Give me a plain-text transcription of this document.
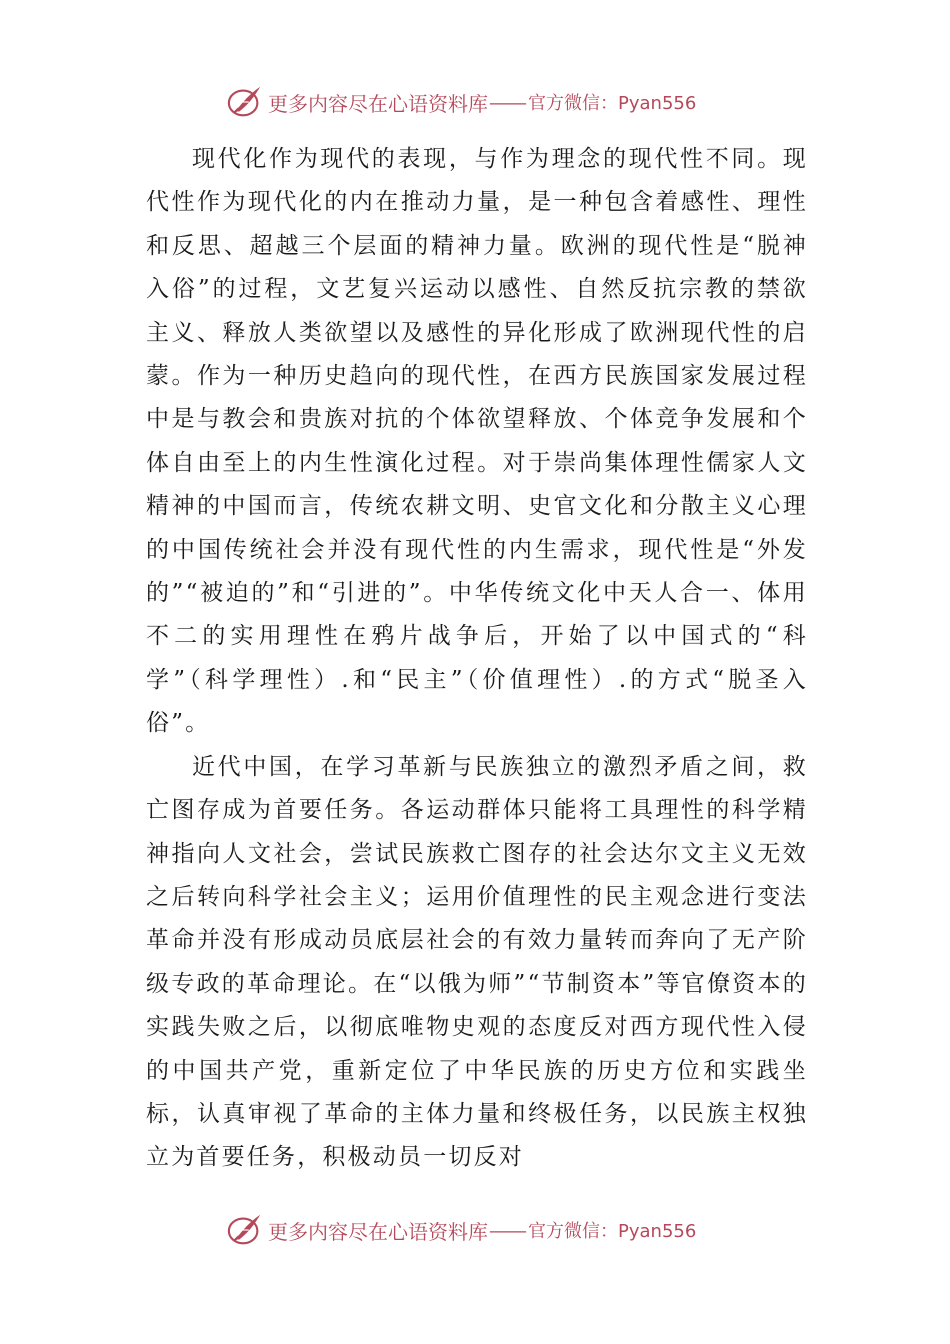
更多内容尽在心语资料库 —— 官方微信：Pyan556

现代化作为现代的表现，与作为理念的现代性不同。现代性作为现代化的内在推动力量，是一种包含着感性、理性和反思、超越三个层面的精神力量。欧洲的现代性是“脱神入俗”的过程，文艺复兴运动以感性、自然反抗宗教的禁欲主义、释放人类欲望以及感性的异化形成了欧洲现代性的启蒙。作为一种历史趋向的现代性，在西方民族国家发展过程中是与教会和贵族对抗的个体欲望释放、个体竞争发展和个体自由至上的内生性演化过程。对于崇尚集体理性儒家人文精神的中国而言，传统农耕文明、史官文化和分散主义心理的中国传统社会并没有现代性的内生需求，现代性是“外发的”“被迫的”和“引进的”。中华传统文化中天人合一、体用不二的实用理性在鸦片战争后，开始了以中国式的“科学”（科学理性）.和“民主”（价值理性）.的方式“脱圣入俗”。

近代中国，在学习革新与民族独立的激烈矛盾之间，救亡图存成为首要任务。各运动群体只能将工具理性的科学精神指向人文社会，尝试民族救亡图存的社会达尔文主义无效之后转向科学社会主义；运用价值理性的民主观念进行变法革命并没有形成动员底层社会的有效力量转而奔向了无产阶级专政的革命理论。在“以俄为师”“节制资本”等官僚资本的实践失败之后，以彻底唯物史观的态度反对西方现代性入侵的中国共产党，重新定位了中华民族的历史方位和实践坐标，认真审视了革命的主体力量和终极任务，以民族主权独立为首要任务，积极动员一切反对

更多内容尽在心语资料库 —— 官方微信：Pyan556
